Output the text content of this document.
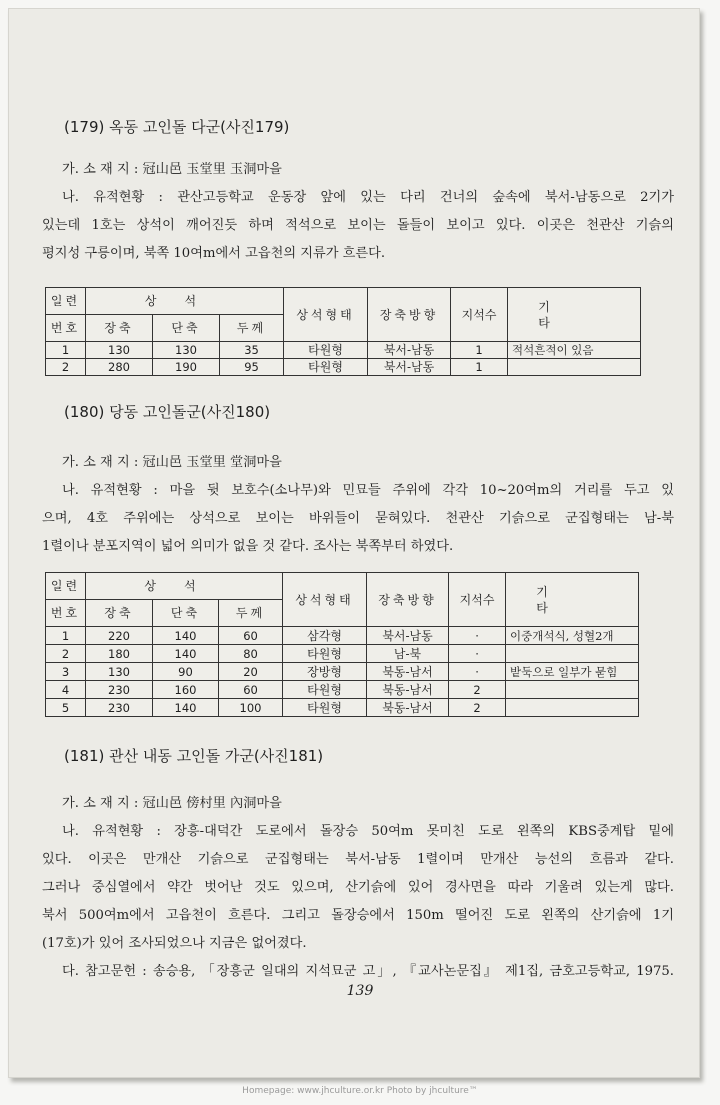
(179) 옥동 고인돌 다군(사진179)
가. 소 재 지 : 冠山邑 玉堂里 玉洞마을
나. 유적현황 : 관산고등학교 운동장 앞에 있는 다리 건너의 숲속에 북서-남동으로 2기가
있는데 1호는 상석이 깨어진듯 하며 적석으로 보이는 돌들이 보이고 있다. 이곳은 천관산 기슭의
평지성 구릉이며, 북쪽 10여m에서 고읍천의 지류가 흐른다.
일련	상석			상석형태	장축방향	지석수	기타
번호	장축	단축	두께				
1	130	130	35	타원형	북서-남동	1	적석흔적이 있음
2	280	190	95	타원형	북서-남동	1	
(180) 당동 고인돌군(사진180)
가. 소 재 지 : 冠山邑 玉堂里 堂洞마을
나. 유적현황 : 마을 뒷 보호수(소나무)와 민묘들 주위에 각각 10~20여m의 거리를 두고 있
으며, 4호 주위에는 상석으로 보이는 바위들이 묻혀있다. 천관산 기슭으로 군집형태는 남-북
1렬이나 분포지역이 넓어 의미가 없을 것 같다. 조사는 북쪽부터 하였다.
일련	상석			상석형태	장축방향	지석수	기타
번호	장축	단축	두께				
1	220	140	60	삼각형	북서-남동	·	이중개석식, 성혈2개
2	180	140	80	타원형	남-북	·	
3	130	90	20	장방형	북동-남서	·	밭둑으로 일부가 묻힘
4	230	160	60	타원형	북동-남서	2	
5	230	140	100	타원형	북동-남서	2	
(181) 관산 내동 고인돌 가군(사진181)
가. 소 재 지 : 冠山邑 傍村里 內洞마을
나. 유적현황 : 장흥-대덕간 도로에서 돌장승 50여m 못미친 도로 왼쪽의 KBS중계탑 밑에
있다. 이곳은 만개산 기슭으로 군집형태는 북서-남동 1렬이며 만개산 능선의 흐름과 같다.
그러나 중심열에서 약간 벗어난 것도 있으며, 산기슭에 있어 경사면을 따라 기울려 있는게 많다.
북서 500여m에서 고읍천이 흐른다. 그리고 돌장승에서 150m 떨어진 도로 왼쪽의 산기슭에 1기
(17호)가 있어 조사되었으나 지금은 없어졌다.
다. 참고문헌 : 송승용, 「장흥군 일대의 지석묘군 고」, 『교사논문집』 제1집, 금호고등학교, 1975.
139
Homepage: www.jhculture.or.kr Photo by jhculture™
